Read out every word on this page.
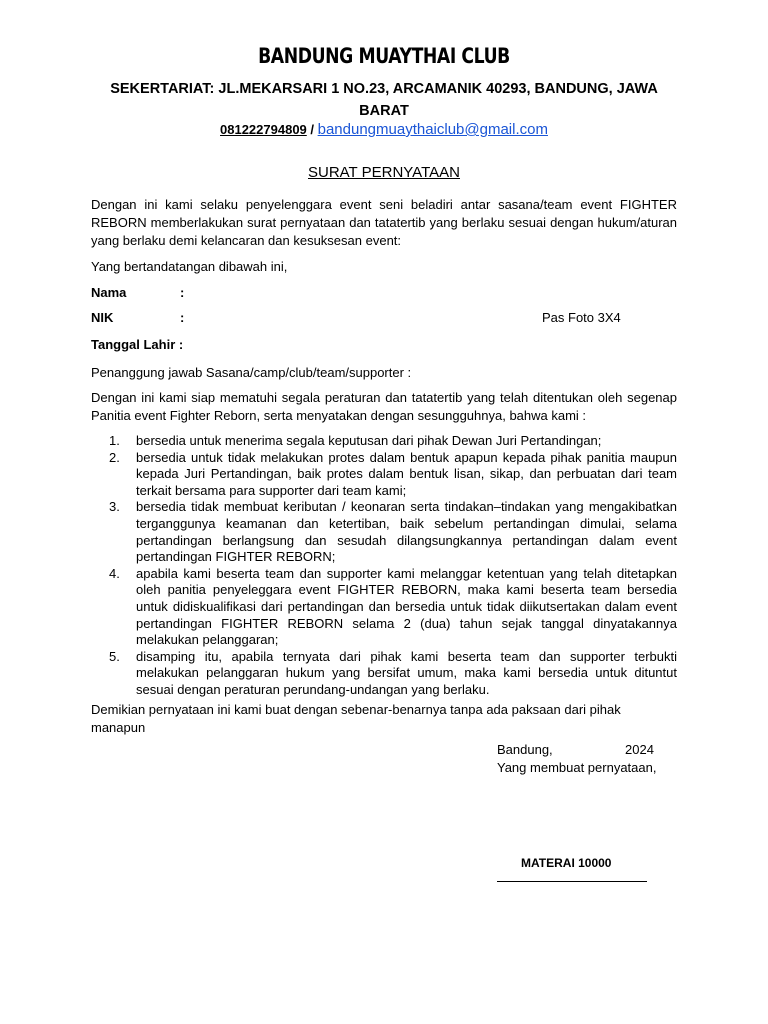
BANDUNG MUAYTHAI CLUB
SEKERTARIAT: JL.MEKARSARI 1 NO.23, ARCAMANIK 40293, BANDUNG, JAWA BARAT
081222794809 / bandungmuaythaiclub@gmail.com
SURAT PERNYATAAN
Dengan ini kami selaku penyelenggara event seni beladiri antar sasana/team event FIGHTER REBORN memberlakukan surat pernyataan dan tatatertib yang berlaku sesuai dengan hukum/aturan yang berlaku demi kelancaran dan kesuksesan event:
Yang bertandatangan dibawah ini,
Nama	:
NIK	:	Pas Foto 3X4
Tanggal Lahir :
Penanggung jawab Sasana/camp/club/team/supporter :
Dengan ini kami siap mematuhi segala peraturan dan tatatertib yang telah ditentukan oleh segenap Panitia event Fighter Reborn, serta menyatakan dengan sesungguhnya, bahwa kami :
1. bersedia untuk menerima segala keputusan dari pihak Dewan Juri Pertandingan;
2. bersedia untuk tidak melakukan protes dalam bentuk apapun kepada pihak panitia maupun kepada Juri Pertandingan, baik protes dalam bentuk lisan, sikap, dan perbuatan dari team terkait bersama para supporter dari team kami;
3. bersedia tidak membuat keributan / keonaran serta tindakan–tindakan yang mengakibatkan terganggunya keamanan dan ketertiban, baik sebelum pertandingan dimulai, selama pertandingan berlangsung dan sesudah dilangsungkannya pertandingan dalam event pertandingan FIGHTER REBORN;
4. apabila kami beserta team dan supporter kami melanggar ketentuan yang telah ditetapkan oleh panitia penyeleggara event FIGHTER REBORN, maka kami beserta team bersedia untuk didiskualifikasi dari pertandingan dan bersedia untuk tidak diikutsertakan dalam event pertandingan FIGHTER REBORN selama 2 (dua) tahun sejak tanggal dinyatakannya melakukan pelanggaran;
5. disamping itu, apabila ternyata dari pihak kami beserta team dan supporter terbukti melakukan pelanggaran hukum yang bersifat umum, maka kami bersedia untuk dituntut sesuai dengan peraturan perundang-undangan yang berlaku.
Demikian pernyataan ini kami buat dengan sebenar-benarnya tanpa ada paksaan dari pihak manapun
Bandung,	2024
Yang membuat pernyataan,
MATERAI 10000
